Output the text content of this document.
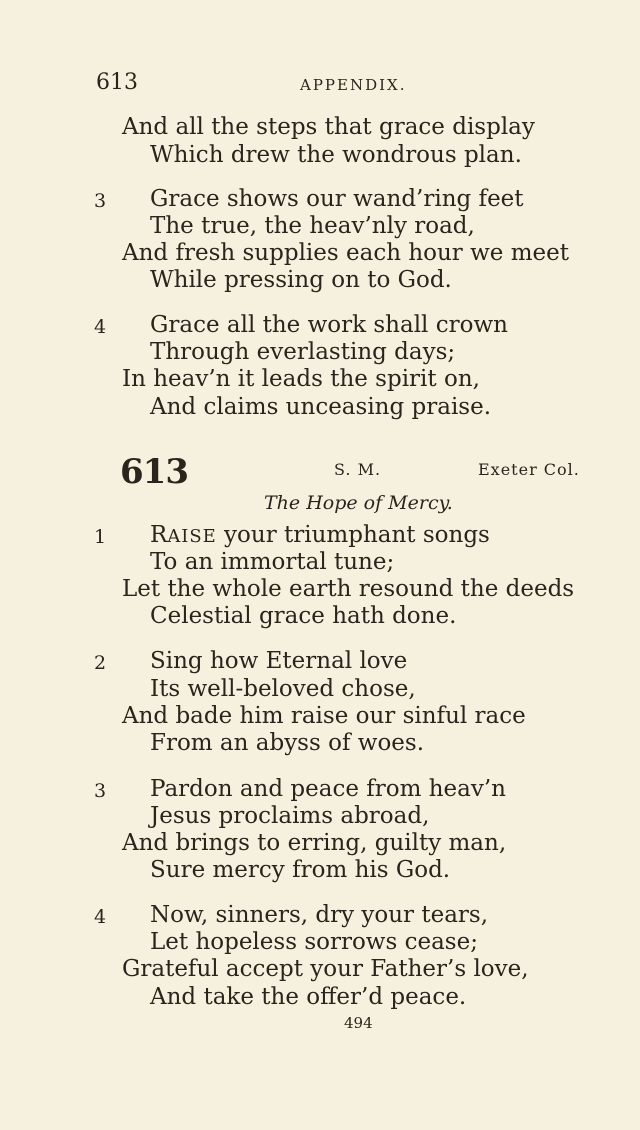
613	APPENDIX.
And all the steps that grace display
Which drew the wondrous plan.
3 Grace shows our wand’ring feet
The true, the heav’nly road,
And fresh supplies each hour we meet
While pressing on to God.
4 Grace all the work shall crown
Through everlasting days;
In heav’n it leads the spirit on,
And claims unceasing praise.
613	S. M.	Exeter Col.
The Hope of Mercy.
1 RAISE your triumphant songs
To an immortal tune;
Let the whole earth resound the deeds
Celestial grace hath done.
2 Sing how Eternal love
Its well-beloved chose,
And bade him raise our sinful race
From an abyss of woes.
3 Pardon and peace from heav’n
Jesus proclaims abroad,
And brings to erring, guilty man,
Sure mercy from his God.
4 Now, sinners, dry your tears,
Let hopeless sorrows cease;
Grateful accept your Father’s love,
And take the offer’d peace.
494
